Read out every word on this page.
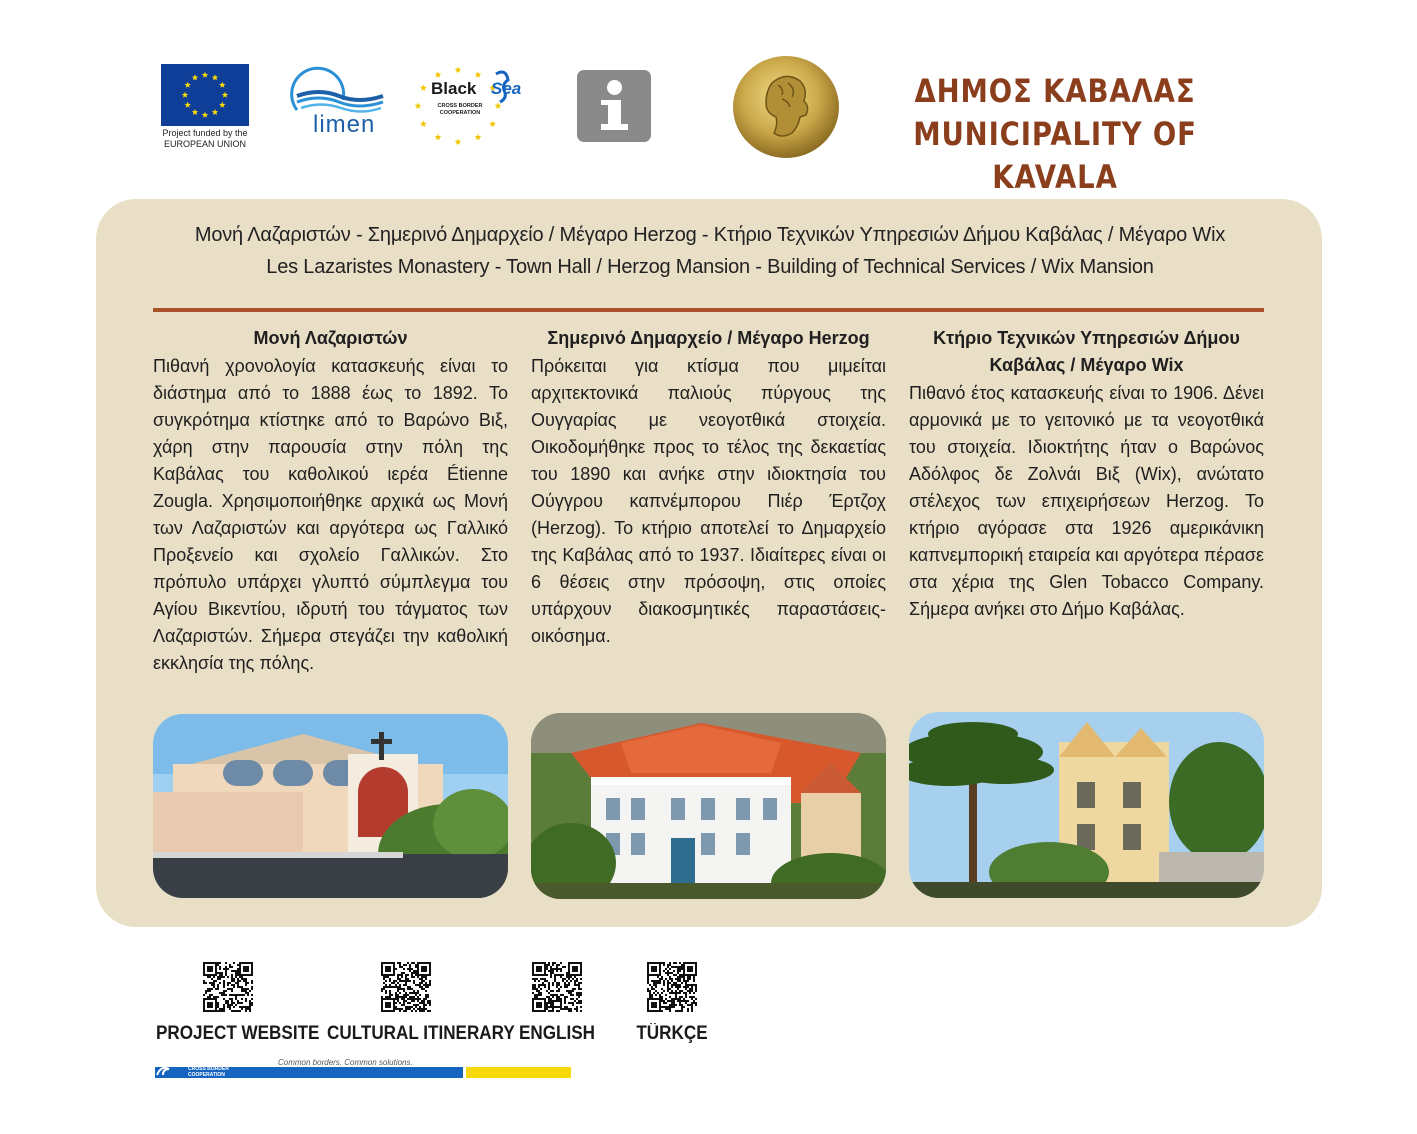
Project funded by the
EUROPEAN UNION
limen
Black Sea
CROSS BORDER
COOPERATION
ΔΗΜΟΣ ΚΑΒΑΛΑΣ
MUNICIPALITY OF KAVALA
Μονή Λαζαριστών - Σημερινό Δημαρχείο / Μέγαρο Herzog - Κτήριο Τεχνικών Υπηρεσιών Δήμου Καβάλας / Μέγαρο Wix
Les Lazaristes Monastery - Town Hall / Herzog Mansion - Building of Technical Services / Wix Mansion
Μονή Λαζαριστών
Πιθανή χρονολογία κατασκευής είναι το διάστημα από το 1888 έως το 1892. Το συγκρότημα κτίστηκε από το Βαρώνο Βιξ, χάρη στην παρουσία στην πόλη της Καβάλας του καθολικού ιερέα Étienne Zougla. Χρησιμοποιήθηκε αρχικά ως Μονή των Λαζαριστών και αργότερα ως Γαλλικό Προξενείο και σχολείο Γαλλικών. Στο πρόπυλο υπάρχει γλυπτό σύμπλεγμα του Αγίου Βικεντίου, ιδρυτή του τάγματος των Λαζαριστών. Σήμερα στεγάζει την καθολική εκκλησία της πόλης.
Σημερινό Δημαρχείο / Μέγαρο Herzog
Πρόκειται για κτίσμα που μιμείται αρχιτεκτονικά παλιούς πύργους της Ουγγαρίας με νεογοτθικά στοιχεία. Οικοδομήθηκε προς το τέλος της δεκαετίας του 1890 και ανήκε στην ιδιοκτησία του Ούγγρου καπνέμπορου Πιέρ Έρτζοχ (Herzog). Το κτήριο αποτελεί το Δημαρχείο της Καβάλας από το 1937. Ιδιαίτερες είναι οι 6 θέσεις στην πρόσοψη, στις οποίες υπάρχουν διακοσμητικές παραστάσεις-οικόσημα.
Κτήριο Τεχνικών Υπηρεσιών Δήμου Καβάλας / Μέγαρο Wix
Πιθανό έτος κατασκευής είναι το 1906. Δένει αρμονικά με το γειτονικό με τα νεογοτθικά του στοιχεία. Ιδιοκτήτης ήταν ο Βαρώνος Αδόλφος δε Ζολνάι Βιξ (Wix), ανώτατο στέλεχος των επιχειρήσεων Herzog. Το κτήριο αγόρασε στα 1926 αμερικάνικη καπνεμπορική εταιρεία και αργότερα πέρασε στα χέρια της Glen Tobacco Company. Σήμερα ανήκει στο Δήμο Καβάλας.
PROJECT WEBSITE CULTURAL ITINERARY ENGLISH TÜRKÇE
Common borders. Common solutions.
CROSS BORDER
COOPERATION
